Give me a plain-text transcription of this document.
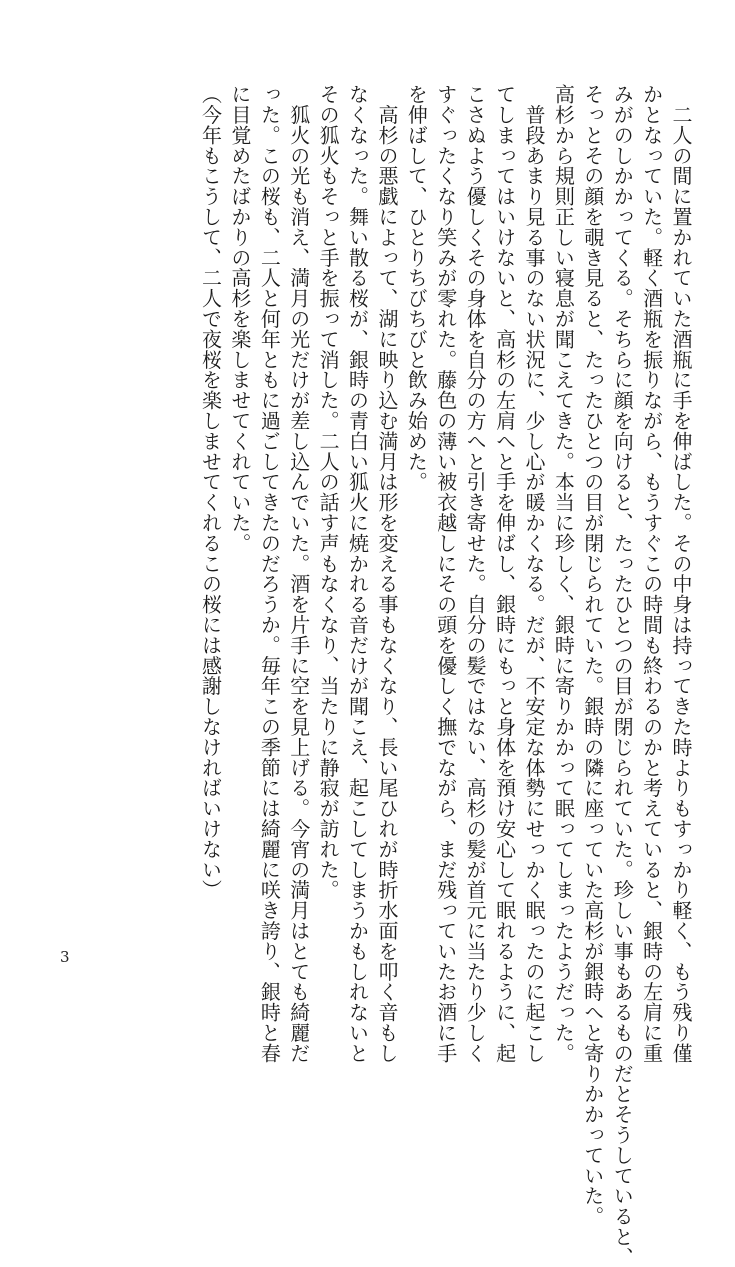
　二人の間に置かれていた酒瓶に手を伸ばした。その中身は持ってきた時よりもすっかり軽く、もう残り僅

かとなっていた。軽く酒瓶を振りながら、もうすぐこの時間も終わるのかと考えていると、銀時の左肩に重

みがのしかかってくる。そちらに顔を向けると、たったひとつの目が閉じられていた。珍しい事もあるものだとそうしていると、

そっとその顔を覗き見ると、たったひとつの目が閉じられていた。銀時の隣に座っていた高杉が銀時へと寄りかかっていた。

高杉から規則正しい寝息が聞こえてきた。本当に珍しく、銀時に寄りかかって眠ってしまったようだった。

　普段あまり見る事のない状況に、少し心が暖かくなる。だが、不安定な体勢にせっかく眠ったのに起こし

てしまってはいけないと、高杉の左肩へと手を伸ばし、銀時にもっと身体を預け安心して眠れるように、起

こさぬよう優しくその身体を自分の方へと引き寄せた。自分の髪ではない、高杉の髪が首元に当たり少しく

すぐったくなり笑みが零れた。藤色の薄い被衣越しにその頭を優しく撫でながら、まだ残っていたお酒に手

を伸ばして、ひとりちびちびと飲み始めた。

　高杉の悪戯によって、湖に映り込む満月は形を変える事もなくなり、長い尾ひれが時折水面を叩く音もし

なくなった。舞い散る桜が、銀時の青白い狐火に焼かれる音だけが聞こえ、起こしてしまうかもしれないと

その狐火もそっと手を振って消した。二人の話す声もなくなり、当たりに静寂が訪れた。

　狐火の光も消え、満月の光だけが差し込んでいた。酒を片手に空を見上げる。今宵の満月はとても綺麗だ

った。この桜も、二人と何年ともに過ごしてきたのだろうか。毎年この季節には綺麗に咲き誇り、銀時と春

に目覚めたばかりの高杉を楽しませてくれていた。

（今年もこうして、二人で夜桜を楽しませてくれるこの桜には感謝しなければいけない）

3
